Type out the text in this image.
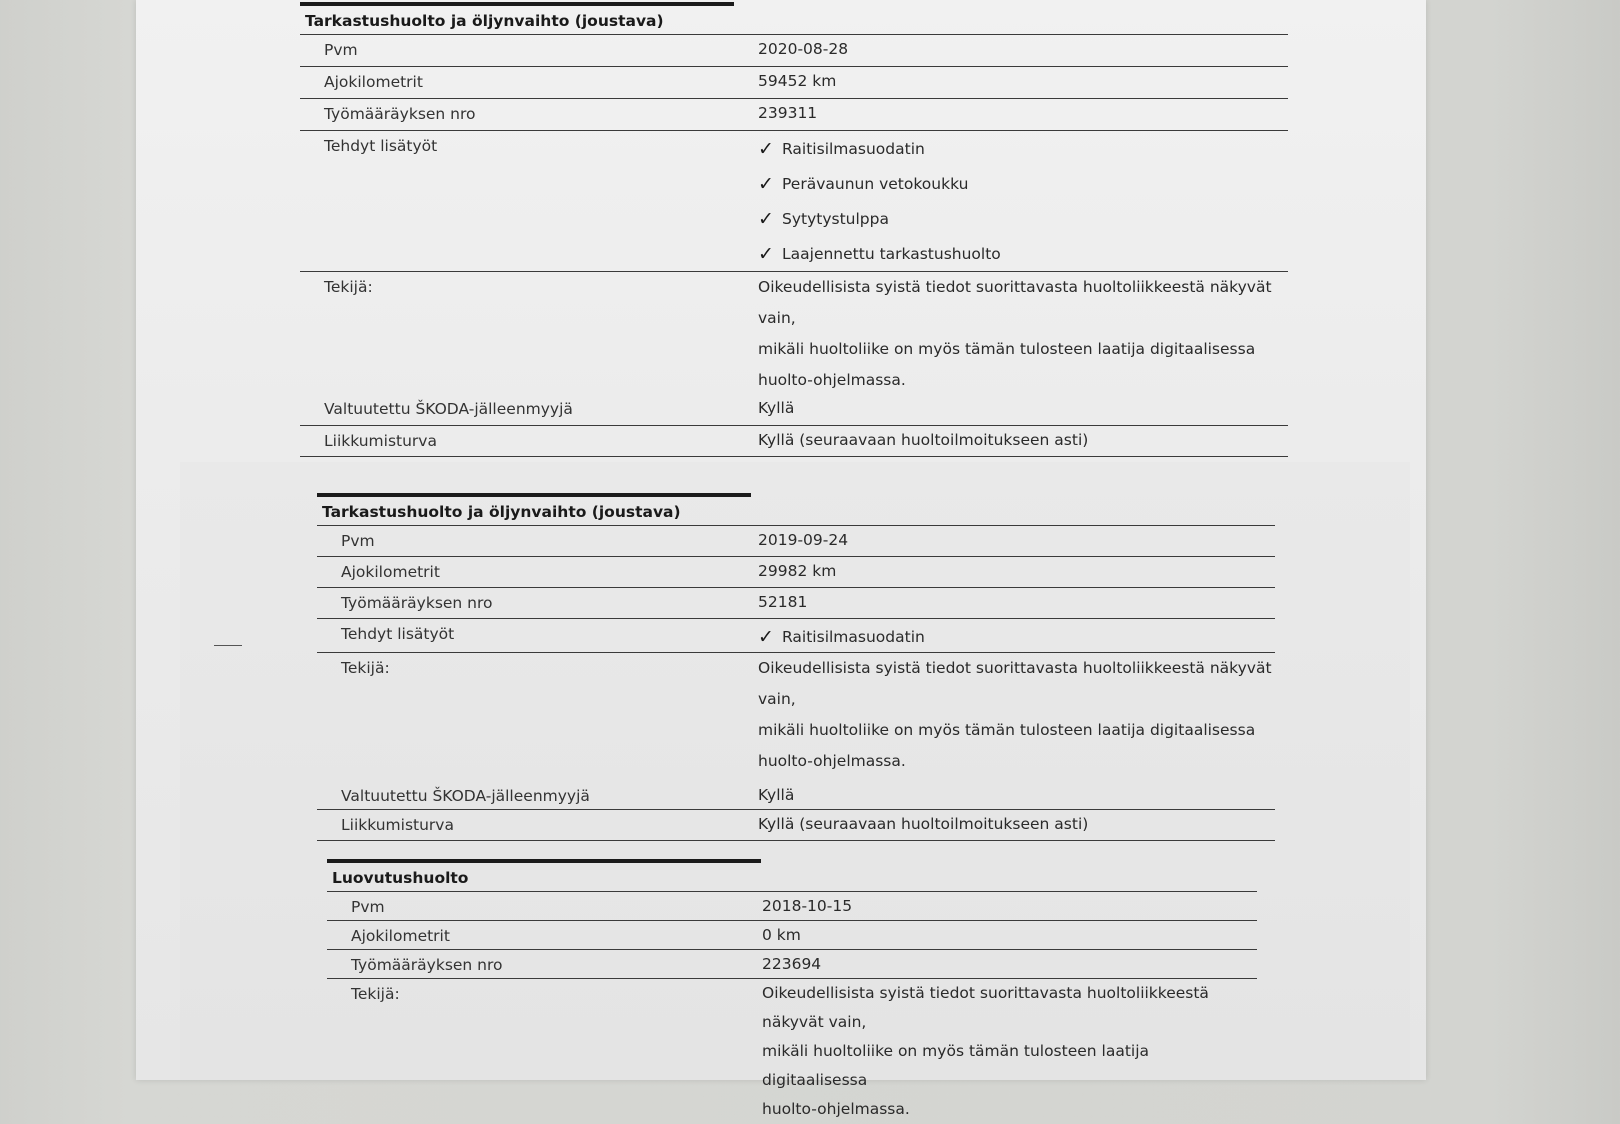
Tarkastushuolto ja öljynvaihto (joustava)
Pvm	2020-08-28
Ajokilometrit	59452 km
Työmääräyksen nro	239311
Tehdyt lisätyöt	✓ Raitisilmasuodatin
✓ Perävaunun vetokoukku
✓ Sytytystulppa
✓ Laajennettu tarkastushuolto
Tekijä:	Oikeudellisista syistä tiedot suorittavasta huoltoliikkeestä näkyvät vain,

mikäli huoltoliike on myös tämän tulosteen laatija digitaalisessa

huolto-ohjelmassa.

Valtuutettu ŠKODA-jälleenmyyjä	Kyllä
Liikkumisturva	Kyllä (seuraavaan huoltoilmoitukseen asti)
Tarkastushuolto ja öljynvaihto (joustava)
Pvm	2019-09-24
Ajokilometrit	29982 km
Työmääräyksen nro	52181
Tehdyt lisätyöt	✓ Raitisilmasuodatin
Tekijä:	Oikeudellisista syistä tiedot suorittavasta huoltoliikkeestä näkyvät vain,

mikäli huoltoliike on myös tämän tulosteen laatija digitaalisessa

huolto-ohjelmassa.

Valtuutettu ŠKODA-jälleenmyyjä	Kyllä
Liikkumisturva	Kyllä (seuraavaan huoltoilmoitukseen asti)
Luovutushuolto
Pvm	2018-10-15
Ajokilometrit	0 km
Työmääräyksen nro	223694
Tekijä:	Oikeudellisista syistä tiedot suorittavasta huoltoliikkeestä näkyvät vain,

mikäli huoltoliike on myös tämän tulosteen laatija digitaalisessa

huolto-ohjelmassa.
